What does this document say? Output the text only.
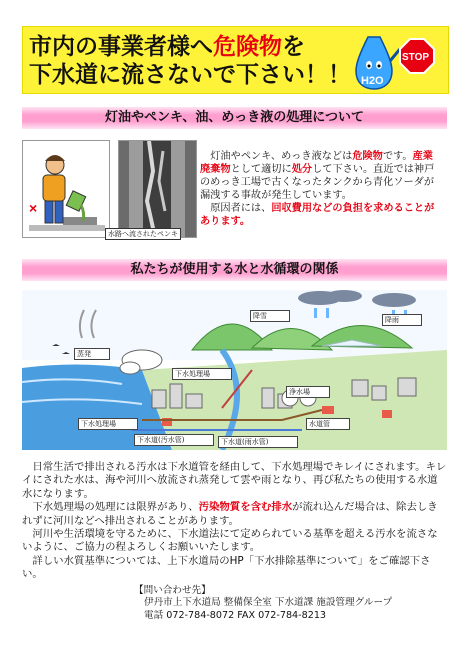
市内の事業者様へ危険物を
下水道に流さないで下さい！！ H2O
STOP
灯油やペンキ、油、めっき液の処理について
×
水路へ流されたペンキ

　灯油やペンキ、めっき液などは危険物です。産業廃棄物として適切に処分して下さい。直近では神戸のめっき工場で古くなったタンクから青化ソーダが漏洩する事故が発生しています。

　原因者には、回収費用などの負担を求めることがあります。

私たちが使用する水と水循環の関係
降雪	降雨
蒸発
下水処理場
浄水場
下水処理場	水道管
下水道(汚水管)	下水道(雨水管)

　日常生活で排出される汚水は下水道管を経由して、下水処理場でキレイにされます。キレイにされた水は、海や河川へ放流され蒸発して雲や雨となり、再び私たちの使用する水道水になります。

　下水処理場の処理には限界があり、汚染物質を含む排水が流れ込んだ場合は、除去しきれずに河川などへ排出されることがあります。

　河川や生活環境を守るために、下水道法にて定められている基準を超える汚水を流さないように、ご協力の程よろしくお願いいたします。

　詳しい水質基準については、上下水道局のHP「下水排除基準について」をご確認下さい。

【問い合わせ先】

伊丹市上下水道局 整備保全室 下水道課 施設管理グループ

電話 072-784-8072 FAX 072-784-8213
